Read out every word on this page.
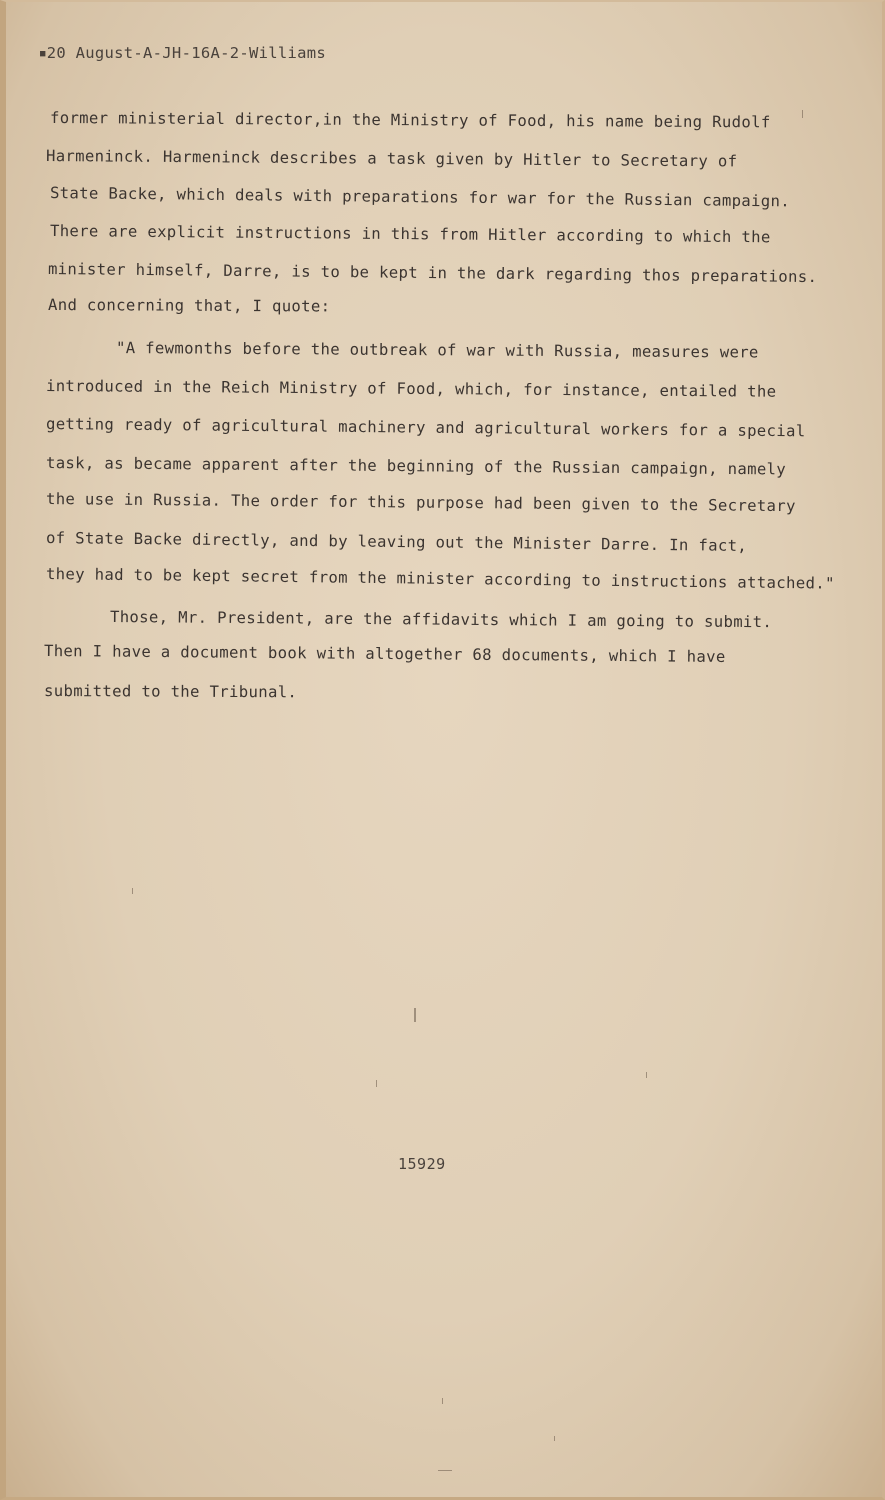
■20 August-A-JH-16A-2-Williams
former ministerial director,in the Ministry of Food, his name being Rudolf
Harmeninck. Harmeninck describes a task given by Hitler to Secretary of
State Backe, which deals with preparations for war for the Russian campaign.
There are explicit instructions in this from Hitler according to which the
minister himself, Darre, is to be kept in the dark regarding thos preparations.
And concerning that, I quote:
"A fewmonths before the outbreak of war with Russia, measures were
introduced in the Reich Ministry of Food, which, for instance, entailed the
getting ready of agricultural machinery and agricultural workers for a special
task, as became apparent after the beginning of the Russian campaign, namely
the use in Russia. The order for this purpose had been given to the Secretary
of State Backe directly, and by leaving out the Minister Darre. In fact,
they had to be kept secret from the minister according to instructions attached."
Those, Mr. President, are the affidavits which I am going to submit.
Then I have a document book with altogether 68 documents, which I have
submitted to the Tribunal.
15929
